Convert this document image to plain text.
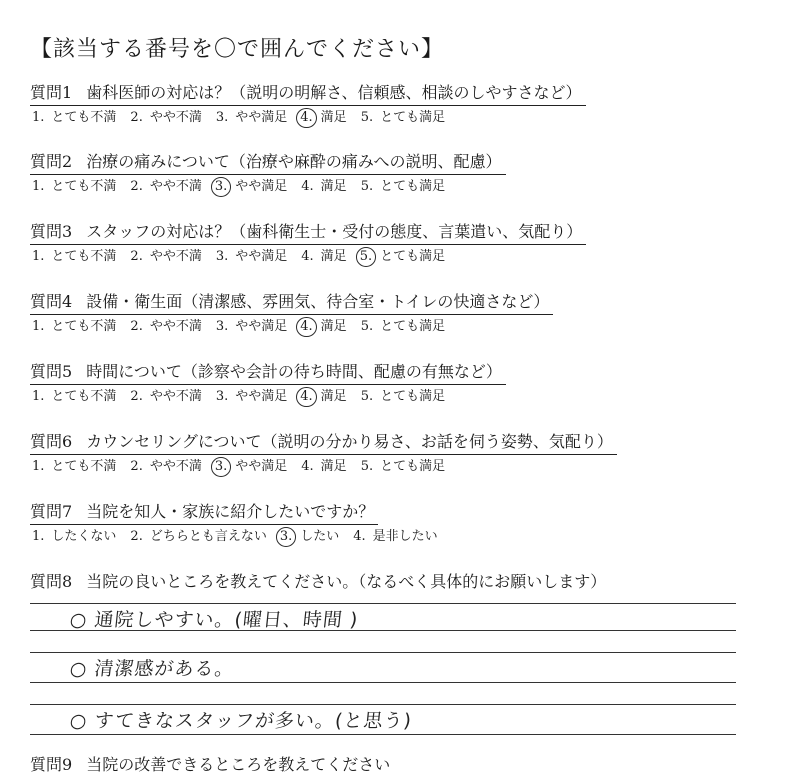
【該当する番号を〇で囲んでください】
質問1 歯科医師の対応は？（説明の明解さ、信頼感、相談のしやすさなど）
1. とても不満 2. やや不満 3. やや満足 4. 満足 5. とても満足
質問2 治療の痛みについて（治療や麻酔の痛みへの説明、配慮）
1. とても不満 2. やや不満 3. やや満足 4. 満足 5. とても満足
質問3 スタッフの対応は？（歯科衛生士・受付の態度、言葉遣い、気配り）
1. とても不満 2. やや不満 3. やや満足 4. 満足 5. とても満足
質問4 設備・衛生面（清潔感、雰囲気、待合室・トイレの快適さなど）
1. とても不満 2. やや不満 3. やや満足 4. 満足 5. とても満足
質問5 時間について（診察や会計の待ち時間、配慮の有無など）
1. とても不満 2. やや不満 3. やや満足 4. 満足 5. とても満足
質問6 カウンセリングについて（説明の分かり易さ、お話を伺う姿勢、気配り）
1. とても不満 2. やや不満 3. やや満足 4. 満足 5. とても満足
質問7 当院を知人・家族に紹介したいですか？
1. したくない 2. どちらとも言えない 3. したい 4. 是非したい
質問8 当院の良いところを教えてください。（なるべく具体的にお願いします）
○ 通院しやすい。(曜日、時間 )
○ 清潔感がある。
○ すてきなスタッフが多い。(と思う)
質問9 当院の改善できるところを教えてください
